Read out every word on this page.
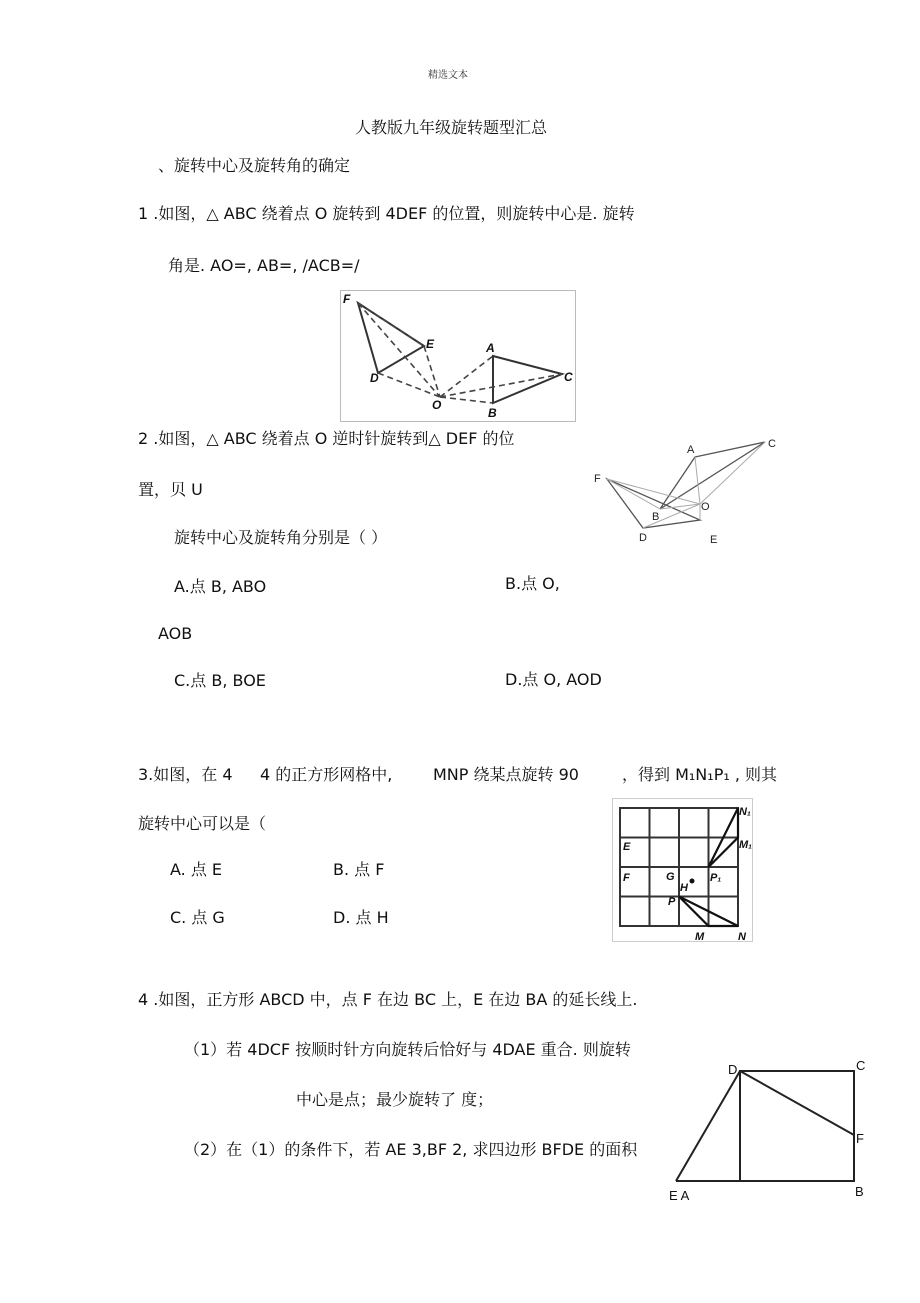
精选文本
人教版九年级旋转题型汇总
、旋转中心及旋转角的确定
1 .如图，△ ABC 绕着点 O 旋转到 4DEF 的位置，则旋转中心是. 旋转
角是. AO=, AB=, /ACB=/
F
E
D
O
A
B
C
2 .如图，△ ABC 绕着点 O 逆时针旋转到△ DEF 的位
置，贝 U
旋转中心及旋转角分别是（ ）
A.点 B, ABO	B.点 O,
AOB
C.点 B, BOE	D.点 O, AOD
A	C
F
B
O
D	E
3.如图，在 4 4 的正方形网格中,	MNP 绕某点旋转 90	，得到 M₁N₁P₁ , 则其
旋转中心可以是（
A. 点 E	B. 点 F
C. 点 G	D. 点 H
N₁
M₁
E
F	G
H
P₁
P
M	N
4 .如图，正方形 ABCD 中，点 F 在边 BC 上，E 在边 BA 的延长线上.
（1）若 4DCF 按顺时针方向旋转后恰好与 4DAE 重合. 则旋转
中心是点；最少旋转了 度；
（2）在（1）的条件下，若 AE 3,BF 2, 求四边形 BFDE 的面积
D	C
F
E A	B
